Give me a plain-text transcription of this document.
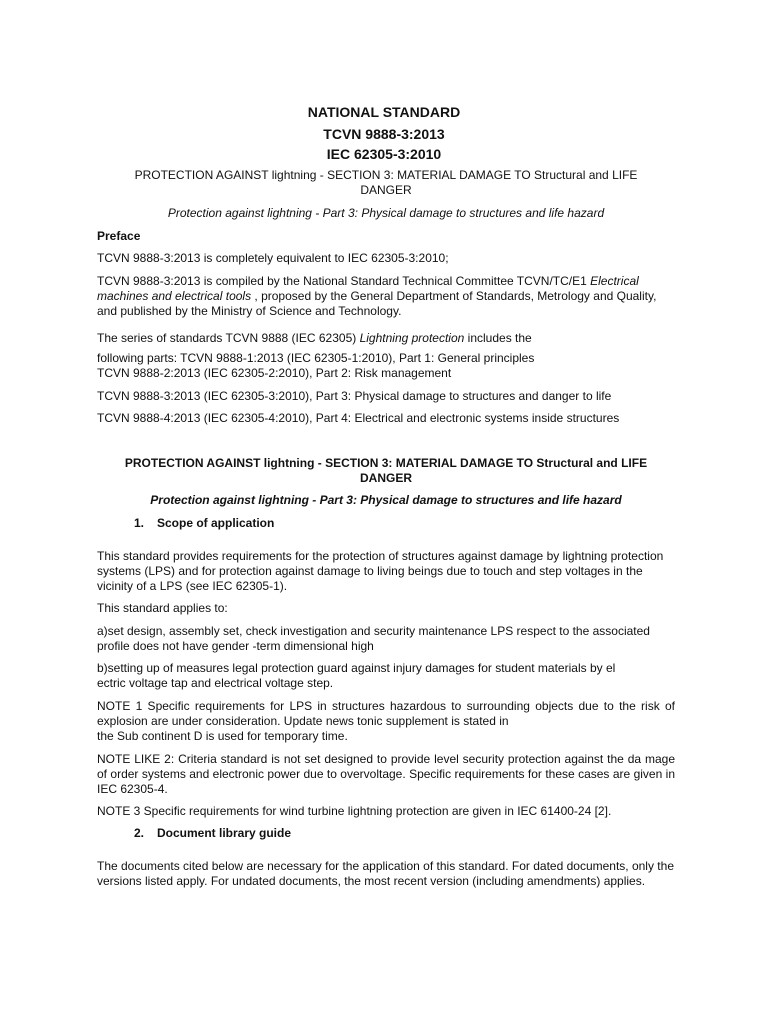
NATIONAL STANDARD
TCVN 9888-3:2013
IEC 62305-3:2010
PROTECTION AGAINST lightning - SECTION 3: MATERIAL DAMAGE TO Structural and LIFE
DANGER
Protection against lightning - Part 3: Physical damage to structures and life hazard
Preface
TCVN 9888-3:2013 is completely equivalent to IEC 62305-3:2010;
TCVN 9888-3:2013 is compiled by the National Standard Technical Committee TCVN/TC/E1 Electrical machines and electrical tools , proposed by the General Department of Standards, Metrology and Quality, and published by the Ministry of Science and Technology.
The series of standards TCVN 9888 (IEC 62305) Lightning protection includes the
following parts: TCVN 9888-1:2013 (IEC 62305-1:2010), Part 1: General principles
TCVN 9888-2:2013 (IEC 62305-2:2010), Part 2: Risk management
TCVN 9888-3:2013 (IEC 62305-3:2010), Part 3: Physical damage to structures and danger to life
TCVN 9888-4:2013 (IEC 62305-4:2010), Part 4: Electrical and electronic systems inside structures
PROTECTION AGAINST lightning - SECTION 3: MATERIAL DAMAGE TO Structural and LIFE
DANGER
Protection against lightning - Part 3: Physical damage to structures and life hazard
1. Scope of application
This standard provides requirements for the protection of structures against damage by lightning protection systems (LPS) and for protection against damage to living beings due to touch and step voltages in the vicinity of a LPS (see IEC 62305-1).
This standard applies to:
a)set design, assembly set, check investigation and security maintenance LPS respect to the associated profile does not have gender -term dimensional high
b)setting up of measures legal protection guard against injury damages for student materials by el
ectric voltage tap and electrical voltage step.
NOTE 1 Specific requirements for LPS in structures hazardous to surrounding objects due to the risk of explosion are under consideration. Update news tonic supplement is stated in
the Sub continent D is used for temporary time.
NOTE LIKE 2: Criteria standard is not set designed to provide level security protection against the da mage of order systems and electronic power due to overvoltage. Specific requirements for these cases are given in IEC 62305-4.
NOTE 3 Specific requirements for wind turbine lightning protection are given in IEC 61400-24 [2].
2. Document library guide
The documents cited below are necessary for the application of this standard. For dated documents, only the versions listed apply. For undated documents, the most recent version (including amendments) applies.
